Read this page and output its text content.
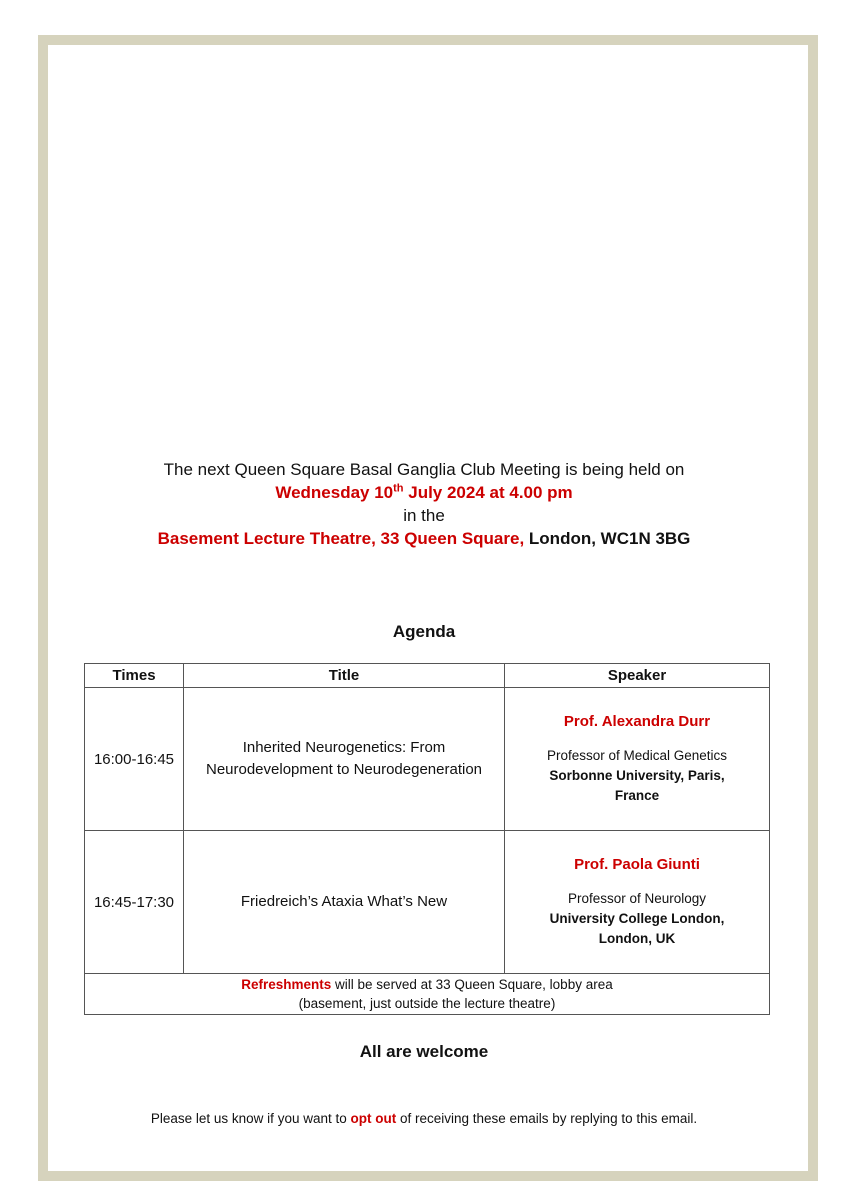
The next Queen Square Basal Ganglia Club Meeting is being held on
Wednesday 10th July 2024 at 4.00 pm
in the
Basement Lecture Theatre, 33 Queen Square, London, WC1N 3BG
Agenda
Times	Title	Speaker
16:00-16:45	Inherited Neurogenetics: From
Neurodevelopment to Neurodegeneration	Prof. Alexandra Durr
Professor of Medical Genetics
Sorbonne University, Paris,
France

16:45-17:30	Friedreich’s Ataxia What’s New	Prof. Paola Giunti
Professor of Neurology
University College London,
London, UK

Refreshments will be served at 33 Queen Square, lobby area
(basement, just outside the lecture theatre)		
All are welcome
Please let us know if you want to opt out of receiving these emails by replying to this email.
